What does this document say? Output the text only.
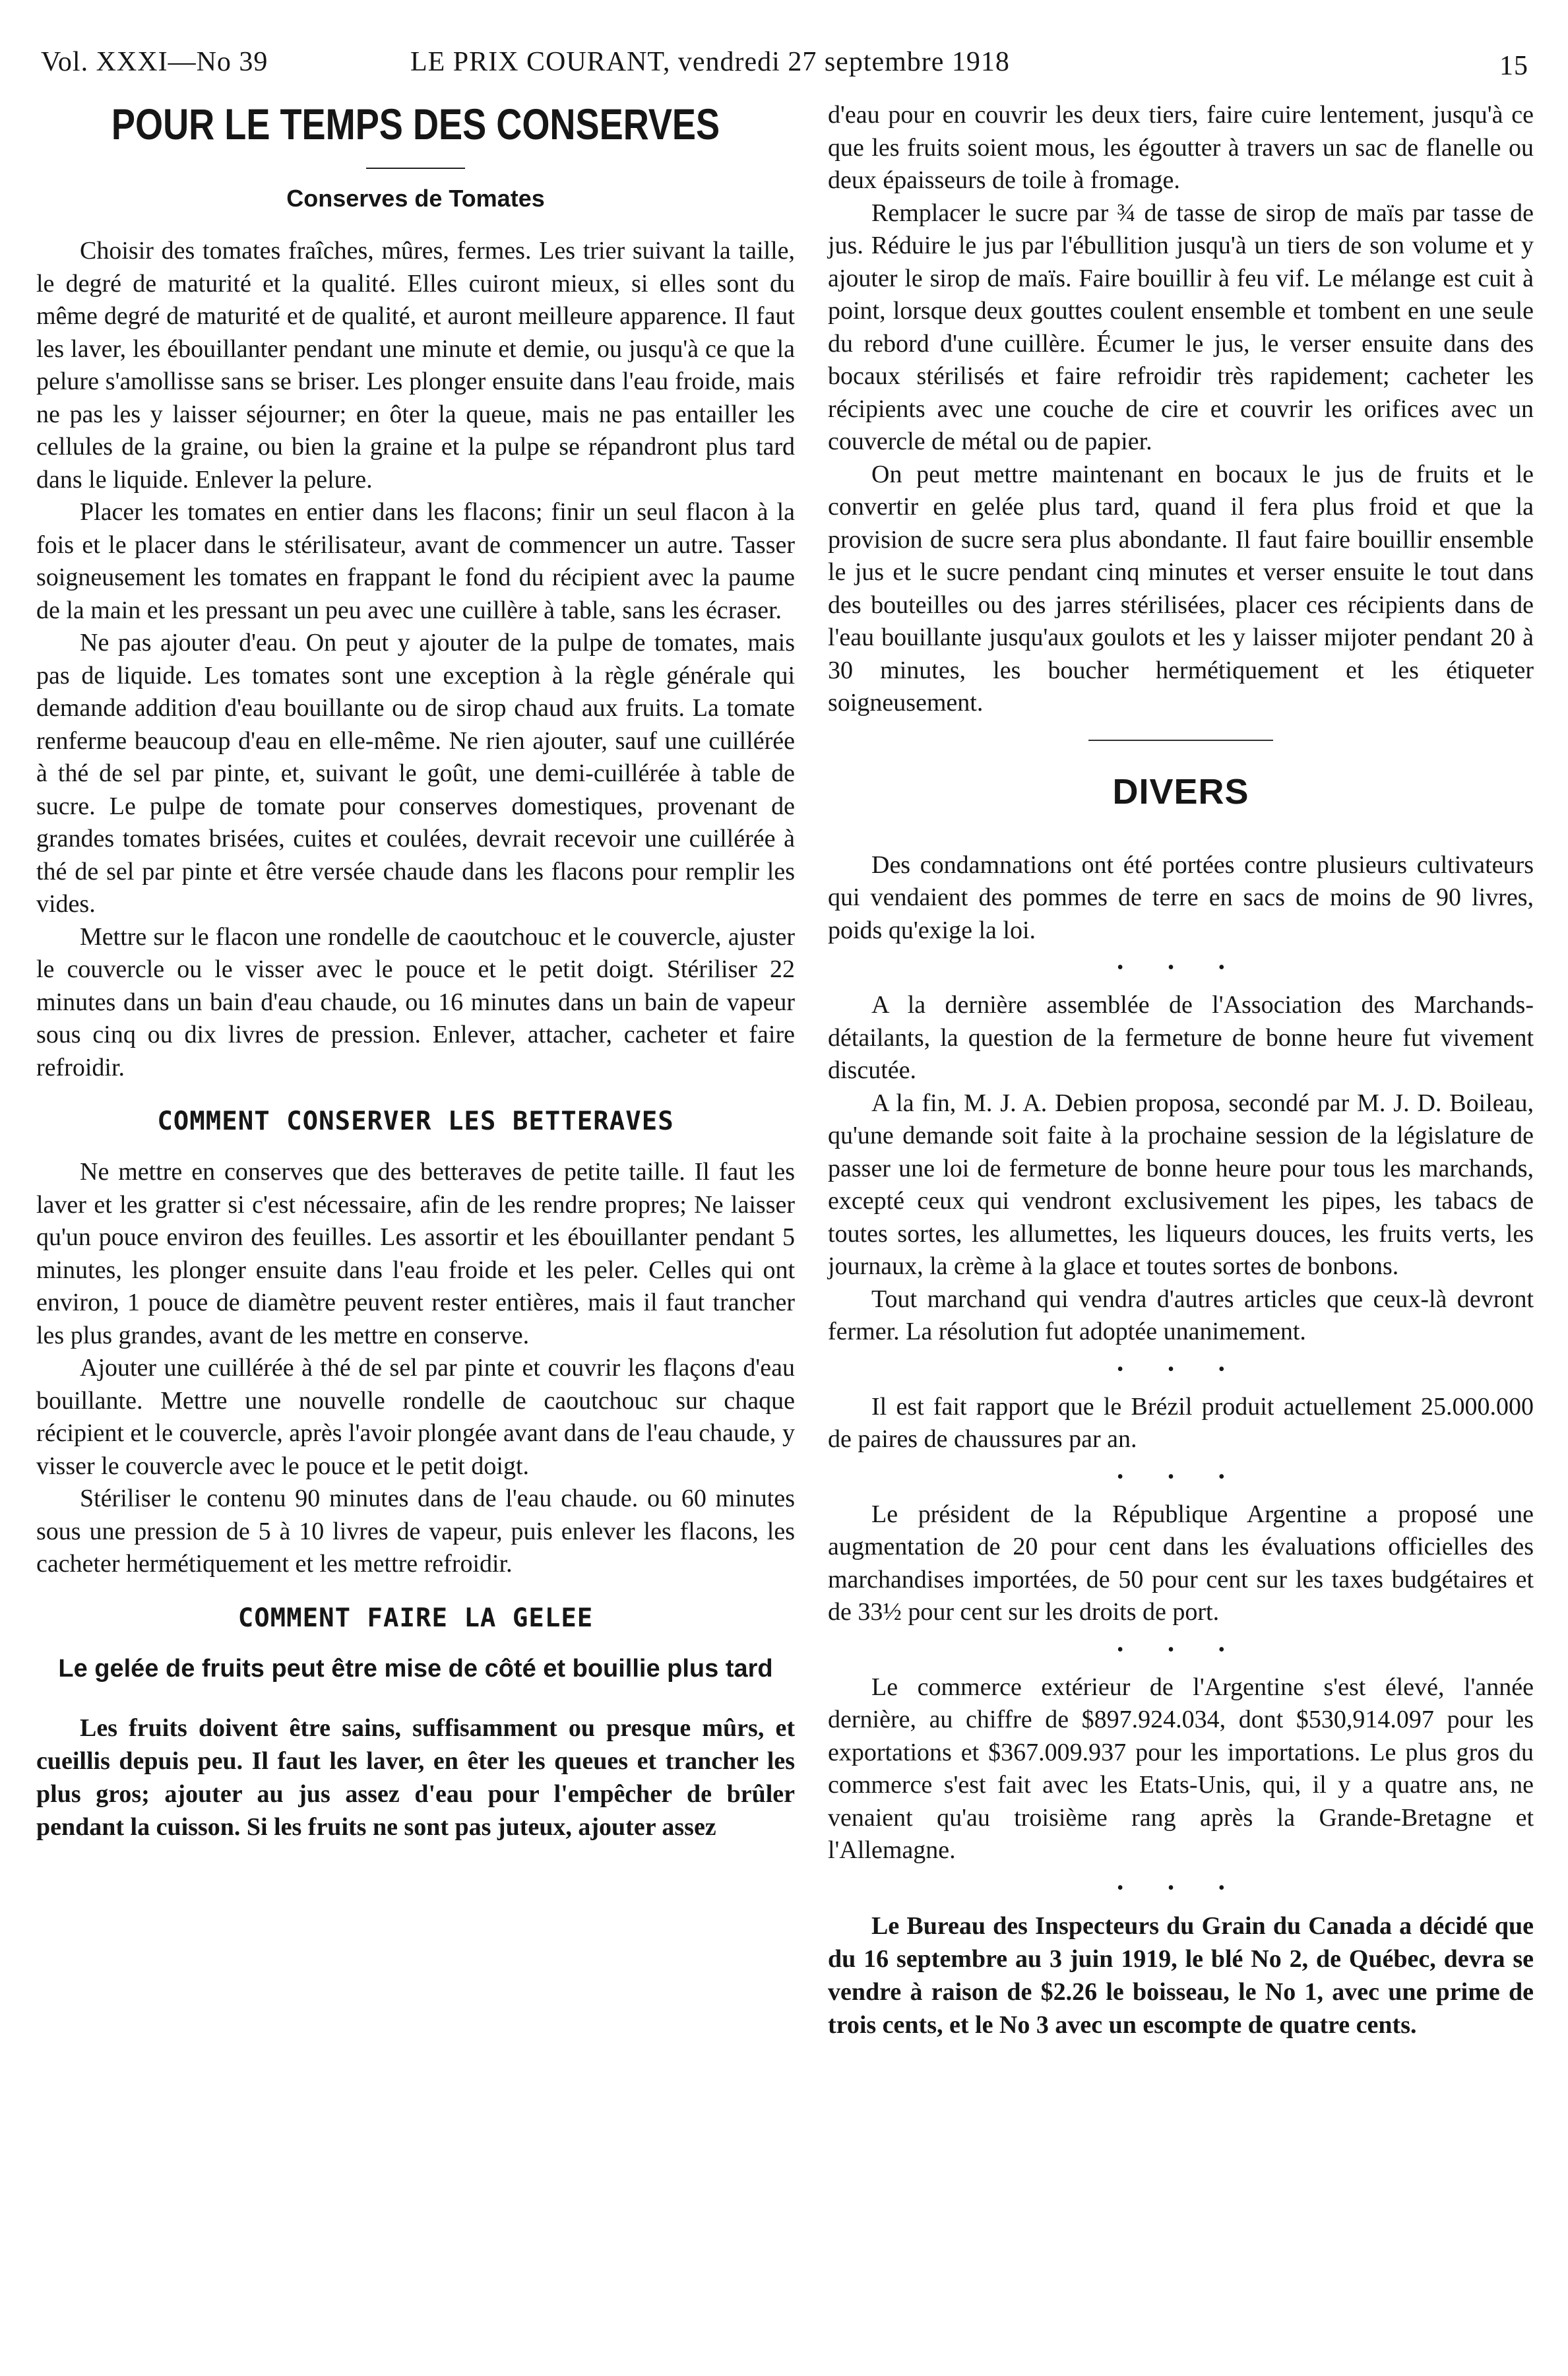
Vol. XXXI—No 39	LE PRIX COURANT, vendredi 27 septembre 1918	15
POUR LE TEMPS DES CONSERVES
Conserves de Tomates

Choisir des tomates fraîches, mûres, fermes. Les trier suivant la taille, le degré de maturité et la qualité. Elles cuiront mieux, si elles sont du même degré de maturité et de qualité, et auront meilleure apparence. Il faut les laver, les ébouillanter pendant une minute et demie, ou jusqu'à ce que la pelure s'amollisse sans se briser. Les plonger ensuite dans l'eau froide, mais ne pas les y laisser séjourner; en ôter la queue, mais ne pas entailler les cellules de la graine, ou bien la graine et la pulpe se répandront plus tard dans le liquide. Enlever la pelure.

Placer les tomates en entier dans les flacons; finir un seul flacon à la fois et le placer dans le stérilisateur, avant de commencer un autre. Tasser soigneusement les tomates en frappant le fond du récipient avec la paume de la main et les pressant un peu avec une cuillère à table, sans les écraser.

Ne pas ajouter d'eau. On peut y ajouter de la pulpe de tomates, mais pas de liquide. Les tomates sont une exception à la règle générale qui demande addition d'eau bouillante ou de sirop chaud aux fruits. La tomate renferme beaucoup d'eau en elle-même. Ne rien ajouter, sauf une cuillérée à thé de sel par pinte, et, suivant le goût, une demi-cuillérée à table de sucre. Le pulpe de tomate pour conserves domestiques, provenant de grandes tomates brisées, cuites et coulées, devrait recevoir une cuillérée à thé de sel par pinte et être versée chaude dans les flacons pour remplir les vides.

Mettre sur le flacon une rondelle de caoutchouc et le couvercle, ajuster le couvercle ou le visser avec le pouce et le petit doigt. Stériliser 22 minutes dans un bain d'eau chaude, ou 16 minutes dans un bain de vapeur sous cinq ou dix livres de pression. Enlever, attacher, cacheter et faire refroidir.

COMMENT CONSERVER LES BETTERAVES

Ne mettre en conserves que des betteraves de petite taille. Il faut les laver et les gratter si c'est nécessaire, afin de les rendre propres; Ne laisser qu'un pouce environ des feuilles. Les assortir et les ébouillanter pendant 5 minutes, les plonger ensuite dans l'eau froide et les peler. Celles qui ont environ, 1 pouce de diamètre peuvent rester entières, mais il faut trancher les plus grandes, avant de les mettre en conserve.

Ajouter une cuillérée à thé de sel par pinte et couvrir les flaçons d'eau bouillante. Mettre une nouvelle rondelle de caoutchouc sur chaque récipient et le couvercle, après l'avoir plongée avant dans de l'eau chaude, y visser le couvercle avec le pouce et le petit doigt.

Stériliser le contenu 90 minutes dans de l'eau chaude. ou 60 minutes sous une pression de 5 à 10 livres de vapeur, puis enlever les flacons, les cacheter hermétiquement et les mettre refroidir.

COMMENT FAIRE LA GELEE
Le gelée de fruits peut être mise de côté et bouillie plus tard

Les fruits doivent être sains, suffisamment ou presque mûrs, et cueillis depuis peu. Il faut les laver, en êter les queues et trancher les plus gros; ajouter au jus assez d'eau pour l'empêcher de brûler pendant la cuisson. Si les fruits ne sont pas juteux, ajouter assez

d'eau pour en couvrir les deux tiers, faire cuire lentement, jusqu'à ce que les fruits soient mous, les égoutter à travers un sac de flanelle ou deux épaisseurs de toile à fromage.

Remplacer le sucre par ¾ de tasse de sirop de maïs par tasse de jus. Réduire le jus par l'ébullition jusqu'à un tiers de son volume et y ajouter le sirop de maïs. Faire bouillir à feu vif. Le mélange est cuit à point, lorsque deux gouttes coulent ensemble et tombent en une seule du rebord d'une cuillère. Écumer le jus, le verser ensuite dans des bocaux stérilisés et faire refroidir très rapidement; cacheter les récipients avec une couche de cire et couvrir les orifices avec un couvercle de métal ou de papier.

On peut mettre maintenant en bocaux le jus de fruits et le convertir en gelée plus tard, quand il fera plus froid et que la provision de sucre sera plus abondante. Il faut faire bouillir ensemble le jus et le sucre pendant cinq minutes et verser ensuite le tout dans des bouteilles ou des jarres stérilisées, placer ces récipients dans de l'eau bouillante jusqu'aux goulots et les y laisser mijoter pendant 20 à 30 minutes, les boucher hermétiquement et les étiqueter soigneusement.

DIVERS

Des condamnations ont été portées contre plusieurs cultivateurs qui vendaient des pommes de terre en sacs de moins de 90 livres, poids qu'exige la loi.

• • •

A la dernière assemblée de l'Association des Marchands-détailants, la question de la fermeture de bonne heure fut vivement discutée.

A la fin, M. J. A. Debien proposa, secondé par M. J. D. Boileau, qu'une demande soit faite à la prochaine session de la législature de passer une loi de fermeture de bonne heure pour tous les marchands, excepté ceux qui vendront exclusivement les pipes, les tabacs de toutes sortes, les allumettes, les liqueurs douces, les fruits verts, les journaux, la crème à la glace et toutes sortes de bonbons.

Tout marchand qui vendra d'autres articles que ceux-là devront fermer. La résolution fut adoptée unanimement.

• • •

Il est fait rapport que le Brézil produit actuellement 25.000.000 de paires de chaussures par an.

• • •

Le président de la République Argentine a proposé une augmentation de 20 pour cent dans les évaluations officielles des marchandises importées, de 50 pour cent sur les taxes budgétaires et de 33½ pour cent sur les droits de port.

• • •

Le commerce extérieur de l'Argentine s'est élevé, l'année dernière, au chiffre de $897.924.034, dont $530,914.097 pour les exportations et $367.009.937 pour les importations. Le plus gros du commerce s'est fait avec les Etats-Unis, qui, il y a quatre ans, ne venaient qu'au troisième rang après la Grande-Bretagne et l'Allemagne.

• • •

Le Bureau des Inspecteurs du Grain du Canada a décidé que du 16 septembre au 3 juin 1919, le blé No 2, de Québec, devra se vendre à raison de $2.26 le boisseau, le No 1, avec une prime de trois cents, et le No 3 avec un escompte de quatre cents.
